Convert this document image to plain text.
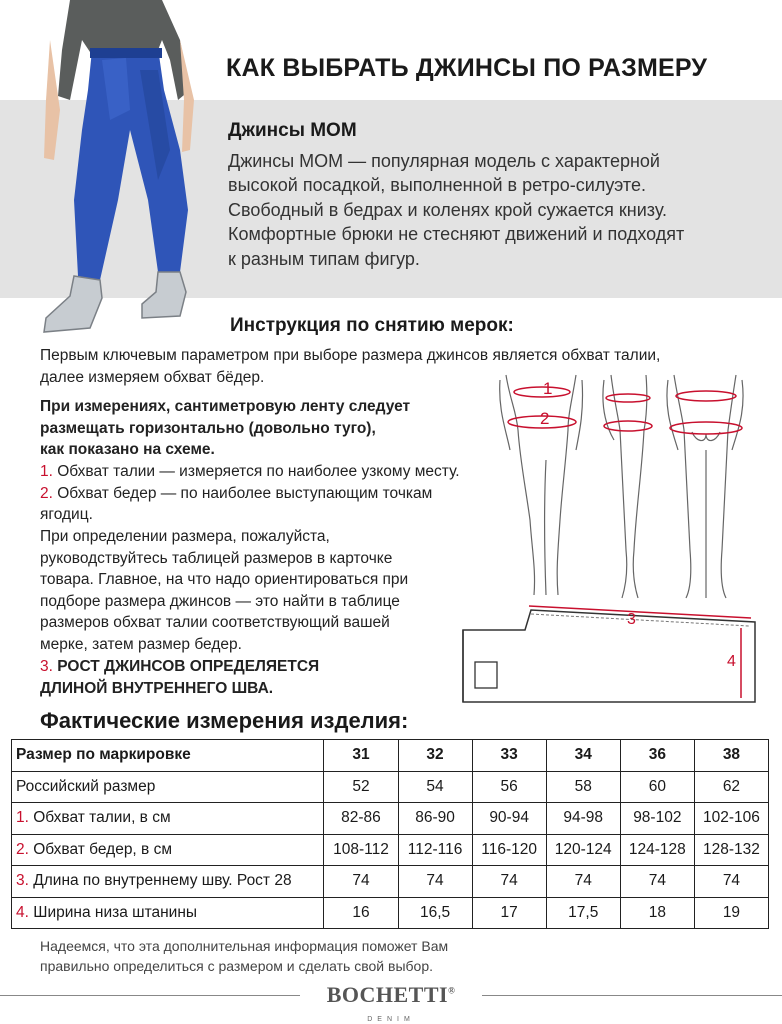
КАК ВЫБРАТЬ ДЖИНСЫ ПО РАЗМЕРУ
Джинсы MOM
Джинсы MOM — популярная модель с характерной
высокой посадкой, выполненной в ретро-силуэте.
Свободный в бедрах и коленях крой сужается книзу.
Комфортные брюки не стесняют движений и подходят
к разным типам фигур.
Инструкция по снятию мерок:
Первым ключевым параметром при выборе размера джинсов является обхват талии,
далее измеряем обхват бёдер.
При измерениях, сантиметровую ленту следует
размещать горизонтально (довольно туго),
как показано на схеме.
1. Обхват талии — измеряется по наиболее узкому месту.
2. Обхват бедер — по наиболее выступающим точкам
ягодиц.
При определении размера, пожалуйста,
руководствуйтесь таблицей размеров в карточке
товара. Главное, на что надо ориентироваться при
подборе размера джинсов — это найти в таблице
размеров обхват талии соответствующий вашей
мерке, затем размер бедер.
3. РОСТ ДЖИНСОВ ОПРЕДЕЛЯЕТСЯ
ДЛИНОЙ ВНУТРЕННЕГО ШВА.
1
2
3
4
Фактические измерения изделия:
Размер по маркировке	31	32	33	34	36	38
Российский размер	52	54	56	58	60	62
1. Обхват талии, в см	82-86	86-90	90-94	94-98	98-102	102-106
2. Обхват бедер, в см	108-112	112-116	116-120	120-124	124-128	128-132
3. Длина по внутреннему шву. Рост 28	74	74	74	74	74	74
4. Ширина низа штанины	16	16,5	17	17,5	18	19
Надеемся, что эта дополнительная информация поможет Вам
правильно определиться с размером и сделать свой выбор.
BOCHETTI®
DENIM
